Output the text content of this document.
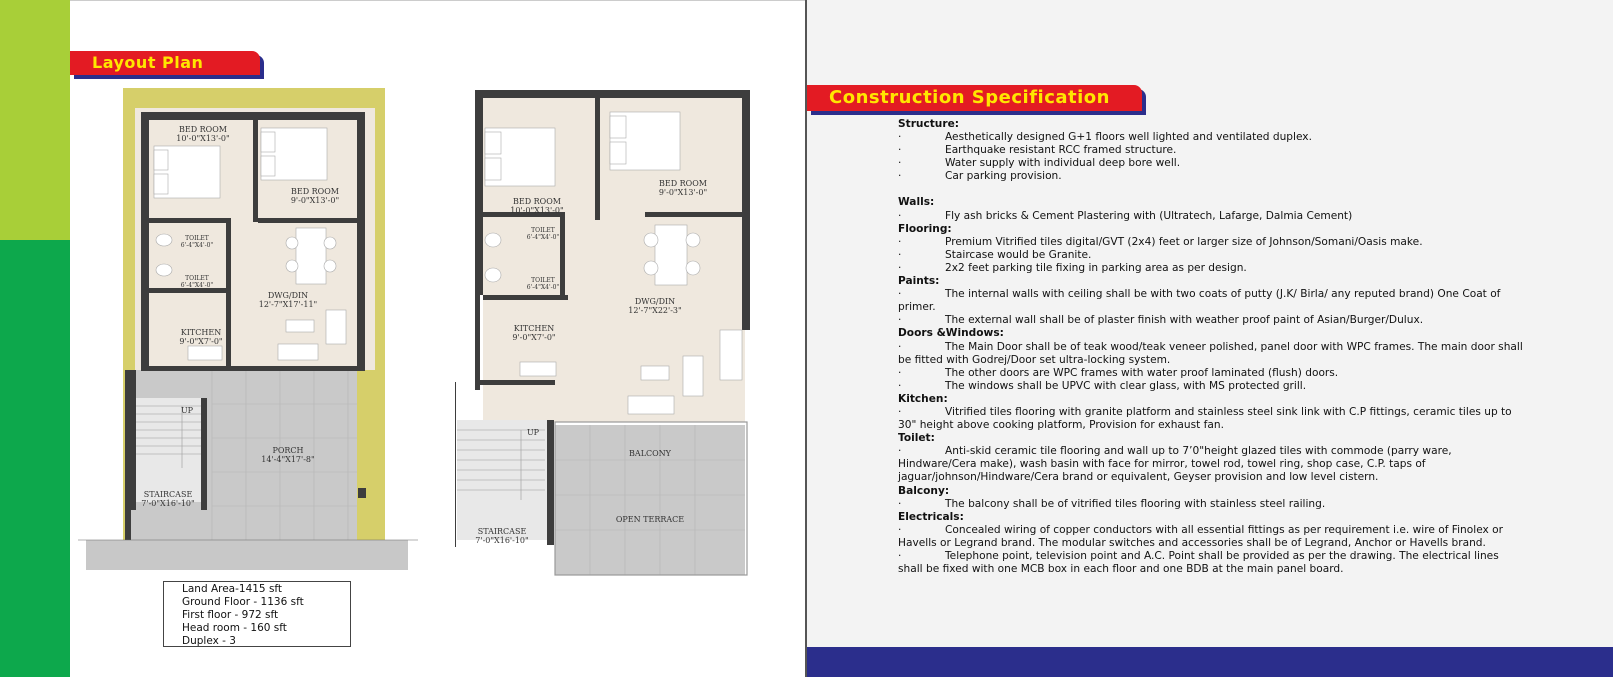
Layout Plan
BED ROOM
10'-0"X13'-0"
BED ROOM
9'-0"X13'-0"
TOILET
6'-4"X4'-0"
TOILET
6'-4"X4'-0"
DWG/DIN
12'-7"X17'-11"
KITCHEN
9'-0"X7'-0"
UP
PORCH
14'-4"X17'-8"
STAIRCASE
7'-0"X16'-10"
BED ROOM
10'-0"X13'-0"
BED ROOM
9'-0"X13'-0"
TOILET
6'-4"X4'-0"
TOILET
6'-4"X4'-0"
DWG/DIN
12'-7"X22'-3"
KITCHEN
9'-0"X7'-0"
UP
BALCONY
OPEN TERRACE
STAIRCASE
7'-0"X16'-10"
Land Area-1415 sft
Ground Floor - 1136 sft
First floor - 972 sft
Head room - 160 sft
Duplex - 3
Construction Specification
Structure:
·	Aesthetically designed G+1 floors well lighted and ventilated duplex.
·	Earthquake resistant RCC framed structure.
·	Water supply with individual deep bore well.
·	Car parking provision.
Walls:
·	Fly ash bricks & Cement Plastering with (Ultratech, Lafarge, Dalmia Cement)
Flooring:
·	Premium Vitrified tiles digital/GVT (2x4) feet or larger size of Johnson/Somani/Oasis make.
·	Staircase would be Granite.
·	2x2 feet parking tile fixing in parking area as per design.
Paints:
·	The internal walls with ceiling shall be with two coats of putty (J.K/ Birla/ any reputed brand) One Coat of primer.
·	The external wall shall be of plaster finish with weather proof paint of Asian/Burger/Dulux.
Doors &Windows:
·	The Main Door shall be of teak wood/teak veneer polished, panel door with WPC frames. The main door shall be fitted with Godrej/Door set ultra-locking system.
·	The other doors are WPC frames with water proof laminated (flush) doors.
·	The windows shall be UPVC with clear glass, with MS protected grill.
Kitchen:
·	Vitrified tiles flooring with granite platform and stainless steel sink link with C.P fittings, ceramic tiles up to 30" height above cooking platform, Provision for exhaust fan.
Toilet:
·	Anti-skid ceramic tile flooring and wall up to 7’0"height glazed tiles with commode (parry ware, Hindware/Cera make), wash basin with face for mirror, towel rod, towel ring, shop case, C.P. taps of jaguar/johnson/Hindware/Cera brand or equivalent, Geyser provision and low level cistern.
Balcony:
·	The balcony shall be of vitrified tiles flooring with stainless steel railing.
Electricals:
·	Concealed wiring of copper conductors with all essential fittings as per requirement i.e. wire of Finolex or Havells or Legrand brand. The modular switches and accessories shall be of Legrand, Anchor or Havells brand.
·	Telephone point, television point and A.C. Point shall be provided as per the drawing. The electrical lines shall be fixed with one MCB box in each floor and one BDB at the main panel board.
